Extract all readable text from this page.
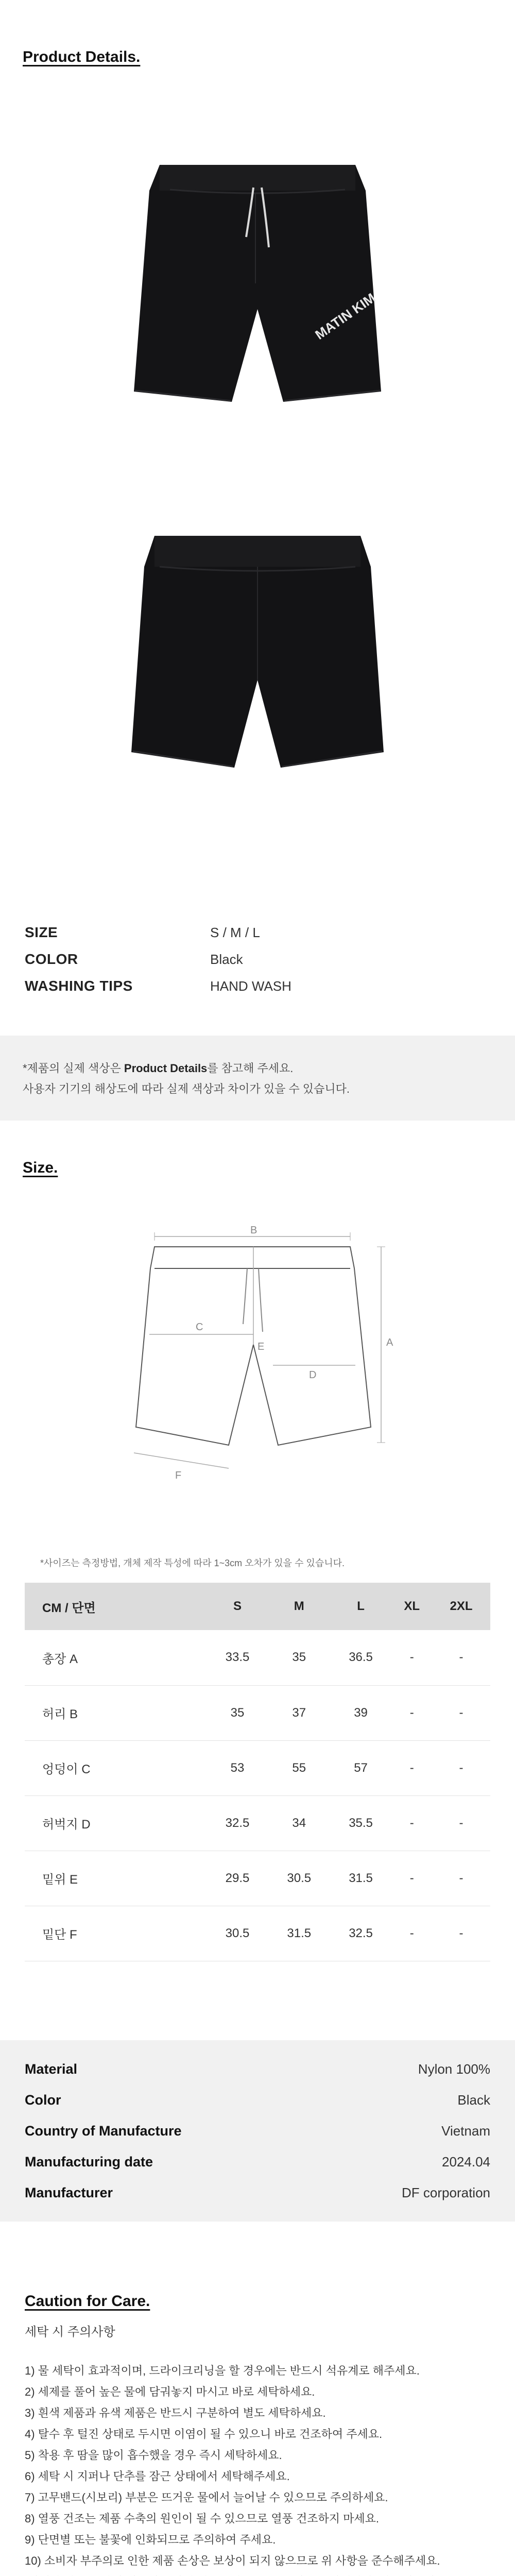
Product Details.
MATIN KIM
SIZE	S / M / L
COLOR	Black
WASHING TIPS	HAND WASH
*제품의 실제 색상은 Product Details를 참고해 주세요.
사용자 기기의 해상도에 따라 실제 색상과 차이가 있을 수 있습니다.
Size.
B
A
C
D
E
F
*사이즈는 측정방법, 개체 제작 특성에 따라 1~3cm 오차가 있을 수 있습니다.
CM / 단면	S	M	L	XL	2XL
총장 A	33.5	35	36.5	-	-
허리 B	35	37	39	-	-
엉덩이 C	53	55	57	-	-
허벅지 D	32.5	34	35.5	-	-
밑위 E	29.5	30.5	31.5	-	-
밑단 F	30.5	31.5	32.5	-	-
Material	Nylon 100%
Color	Black
Country of Manufacture	Vietnam
Manufacturing date	2024.04
Manufacturer	DF corporation
Caution for Care.
세탁 시 주의사항
1) 물 세탁이 효과적이며, 드라이크리닝을 할 경우에는 반드시 석유계로 해주세요.
2) 세제를 풀어 높은 물에 담궈놓지 마시고 바로 세탁하세요.
3) 흰색 제품과 유색 제품은 반드시 구분하여 별도 세탁하세요.
4) 탈수 후 털진 상태로 두시면 이염이 될 수 있으니 바로 건조하여 주세요.
5) 착용 후 땀을 많이 흡수했을 경우 즉시 세탁하세요.
6) 세탁 시 지퍼나 단추를 잠근 상태에서 세탁해주세요.
7) 고무밴드(시보리) 부분은 뜨거운 물에서 늘어날 수 있으므로 주의하세요.
8) 열풍 건조는 제품 수축의 원인이 될 수 있으므로 열풍 건조하지 마세요.
9) 단면별 또는 불꽃에 인화되므로 주의하여 주세요.
10) 소비자 부주의로 인한 제품 손상은 보상이 되지 않으므로 위 사항을 준수해주세요.
